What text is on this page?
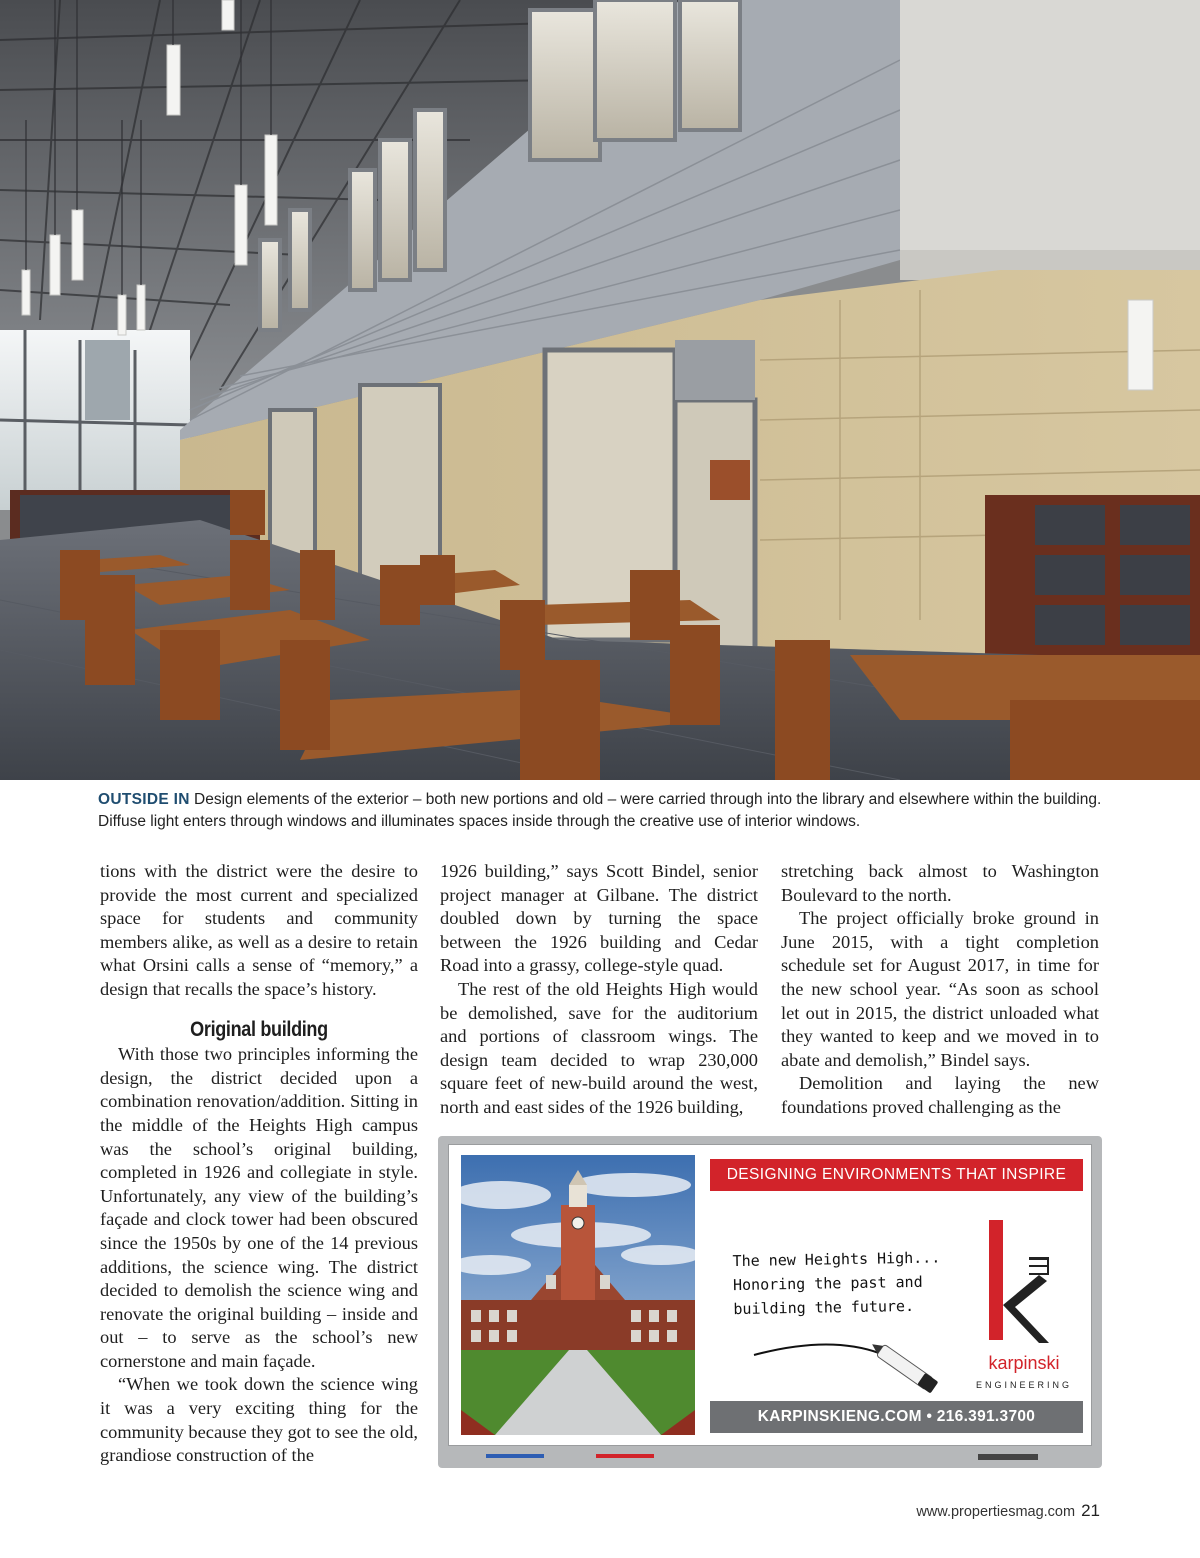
OUTSIDE IN Design elements of the exterior – both new portions and old – were carried through into the library and elsewhere within the building. Diffuse light enters through windows and illuminates spaces inside through the creative use of interior windows.

tions with the district were the desire to provide the most current and specialized space for students and community members alike, as well as a desire to retain what Orsini calls a sense of “memory,” a design that recalls the space’s history.

Original building

With those two principles informing the design, the district decided upon a combination renovation/addition. Sitting in the middle of the Heights High campus was the school’s original building, completed in 1926 and collegiate in style. Unfortunately, any view of the building’s façade and clock tower had been obscured since the 1950s by one of the 14 previous additions, the science wing. The district decided to demolish the science wing and renovate the original building – inside and out – to serve as the school’s new cornerstone and main façade.

“When we took down the science wing it was a very exciting thing for the community because they got to see the old, grandiose construction of the

1926 building,” says Scott Bindel, senior project manager at Gilbane. The district doubled down by turning the space between the 1926 building and Cedar Road into a grassy, college-style quad.

The rest of the old Heights High would be demolished, save for the auditorium and portions of classroom wings. The design team decided to wrap 230,000 square feet of new-build around the west, north and east sides of the 1926 building,

stretching back almost to Washington Boulevard to the north.

The project officially broke ground in June 2015, with a tight completion schedule set for August 2017, in time for the new school year. “As soon as school let out in 2015, the district unloaded what they wanted to keep and we moved in to abate and demolish,” Bindel says.

Demolition and laying the new foundations proved challenging as the

DESIGNING ENVIRONMENTS THAT INSPIRE
The new Heights High...
Honoring the past and
building the future.
karpinski
ENGINEERING
KARPINSKIENG.COM • 216.391.3700
www.propertiesmag.com 21
